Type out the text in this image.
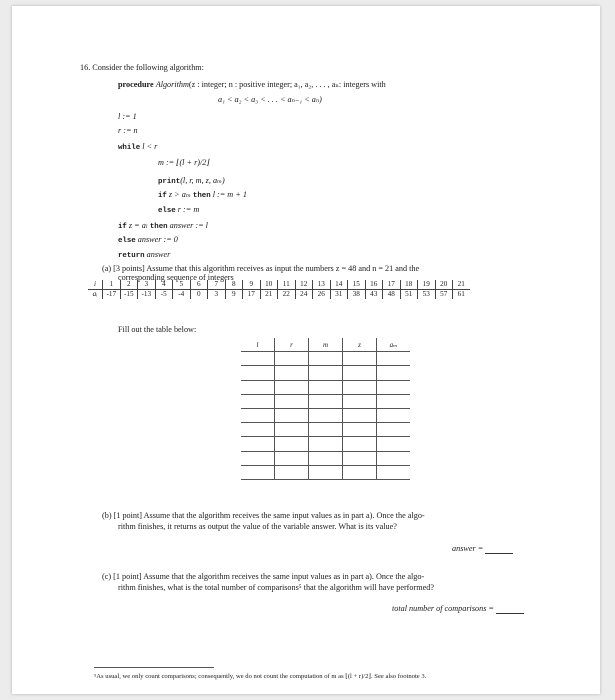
16. Consider the following algorithm:
procedure Algorithm(z : integer; n : positive integer; a₁, a₂, . . . , aₙ: integers with
a₁ < a₂ < a₃ < . . . < aₙ₋₁ < aₙ)
l := 1
r := n
while l < r
m := ⌊(l + r)/2⌋
print(l, r, m, z, aₘ)
if z > aₘ then l := m + 1
else r := m
if z = aₗ then answer := l
else answer := 0
return answer
(a) [3 points] Assume that this algorithm receives as input the numbers z = 48 and n = 21 and the
corresponding sequence of integers
i	1	2	3	4	5	6	7	8	9	10	11	12	13	14	15	16	17	18	19	20	21
aᵢ	-17	-15	-13	-5	-4	0	3	9	17	21	22	24	26	31	38	43	48	51	53	57	61
Fill out the table below:
l	r	m	z	aₘ

(b) [1 point] Assume that the algorithm receives the same input values as in part a). Once the algo-
rithm finishes, it returns as output the value of the variable answer. What is its value?
answer =
(c) [1 point] Assume that the algorithm receives the same input values as in part a). Once the algo-
rithm finishes, what is the total number of comparisons⁵ that the algorithm will have performed?
total number of comparisons =
⁵As usual, we only count comparisons; consequently, we do not count the computation of m as ⌊(l + r)/2⌋. See also footnote 3.
